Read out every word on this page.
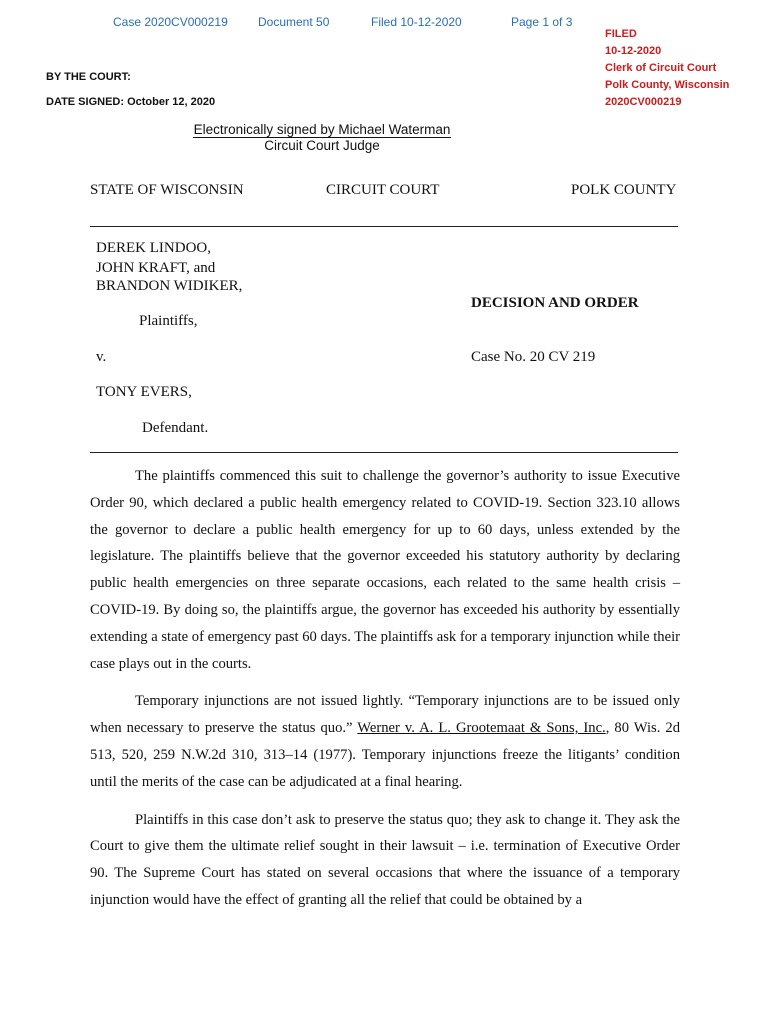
Case 2020CV000219	Document 50	Filed 10-12-2020	Page 1 of 3
FILED
10-12-2020
Clerk of Circuit Court
Polk County, Wisconsin
2020CV000219
BY THE COURT:
DATE SIGNED: October 12, 2020
Electronically signed by Michael Waterman
Circuit Court Judge
STATE OF WISCONSIN	CIRCUIT COURT	POLK COUNTY
DEREK LINDOO,
JOHN KRAFT, and
BRANDON WIDIKER,
Plaintiffs,
v.
TONY EVERS,
Defendant.
DECISION AND ORDER
Case No. 20 CV 219

The plaintiffs commenced this suit to challenge the governor’s authority to issue Executive Order 90, which declared a public health emergency related to COVID-19. Section 323.10 allows the governor to declare a public health emergency for up to 60 days, unless extended by the legislature. The plaintiffs believe that the governor exceeded his statutory authority by declaring public health emergencies on three separate occasions, each related to the same health crisis – COVID-19. By doing so, the plaintiffs argue, the governor has exceeded his authority by essentially extending a state of emergency past 60 days. The plaintiffs ask for a temporary injunction while their case plays out in the courts.

Temporary injunctions are not issued lightly. “Temporary injunctions are to be issued only when necessary to preserve the status quo.” Werner v. A. L. Grootemaat & Sons, Inc., 80 Wis. 2d 513, 520, 259 N.W.2d 310, 313–14 (1977). Temporary injunctions freeze the litigants’ condition until the merits of the case can be adjudicated at a final hearing.

Plaintiffs in this case don’t ask to preserve the status quo; they ask to change it. They ask the Court to give them the ultimate relief sought in their lawsuit – i.e. termination of Executive Order 90. The Supreme Court has stated on several occasions that where the issuance of a temporary injunction would have the effect of granting all the relief that could be obtained by a
